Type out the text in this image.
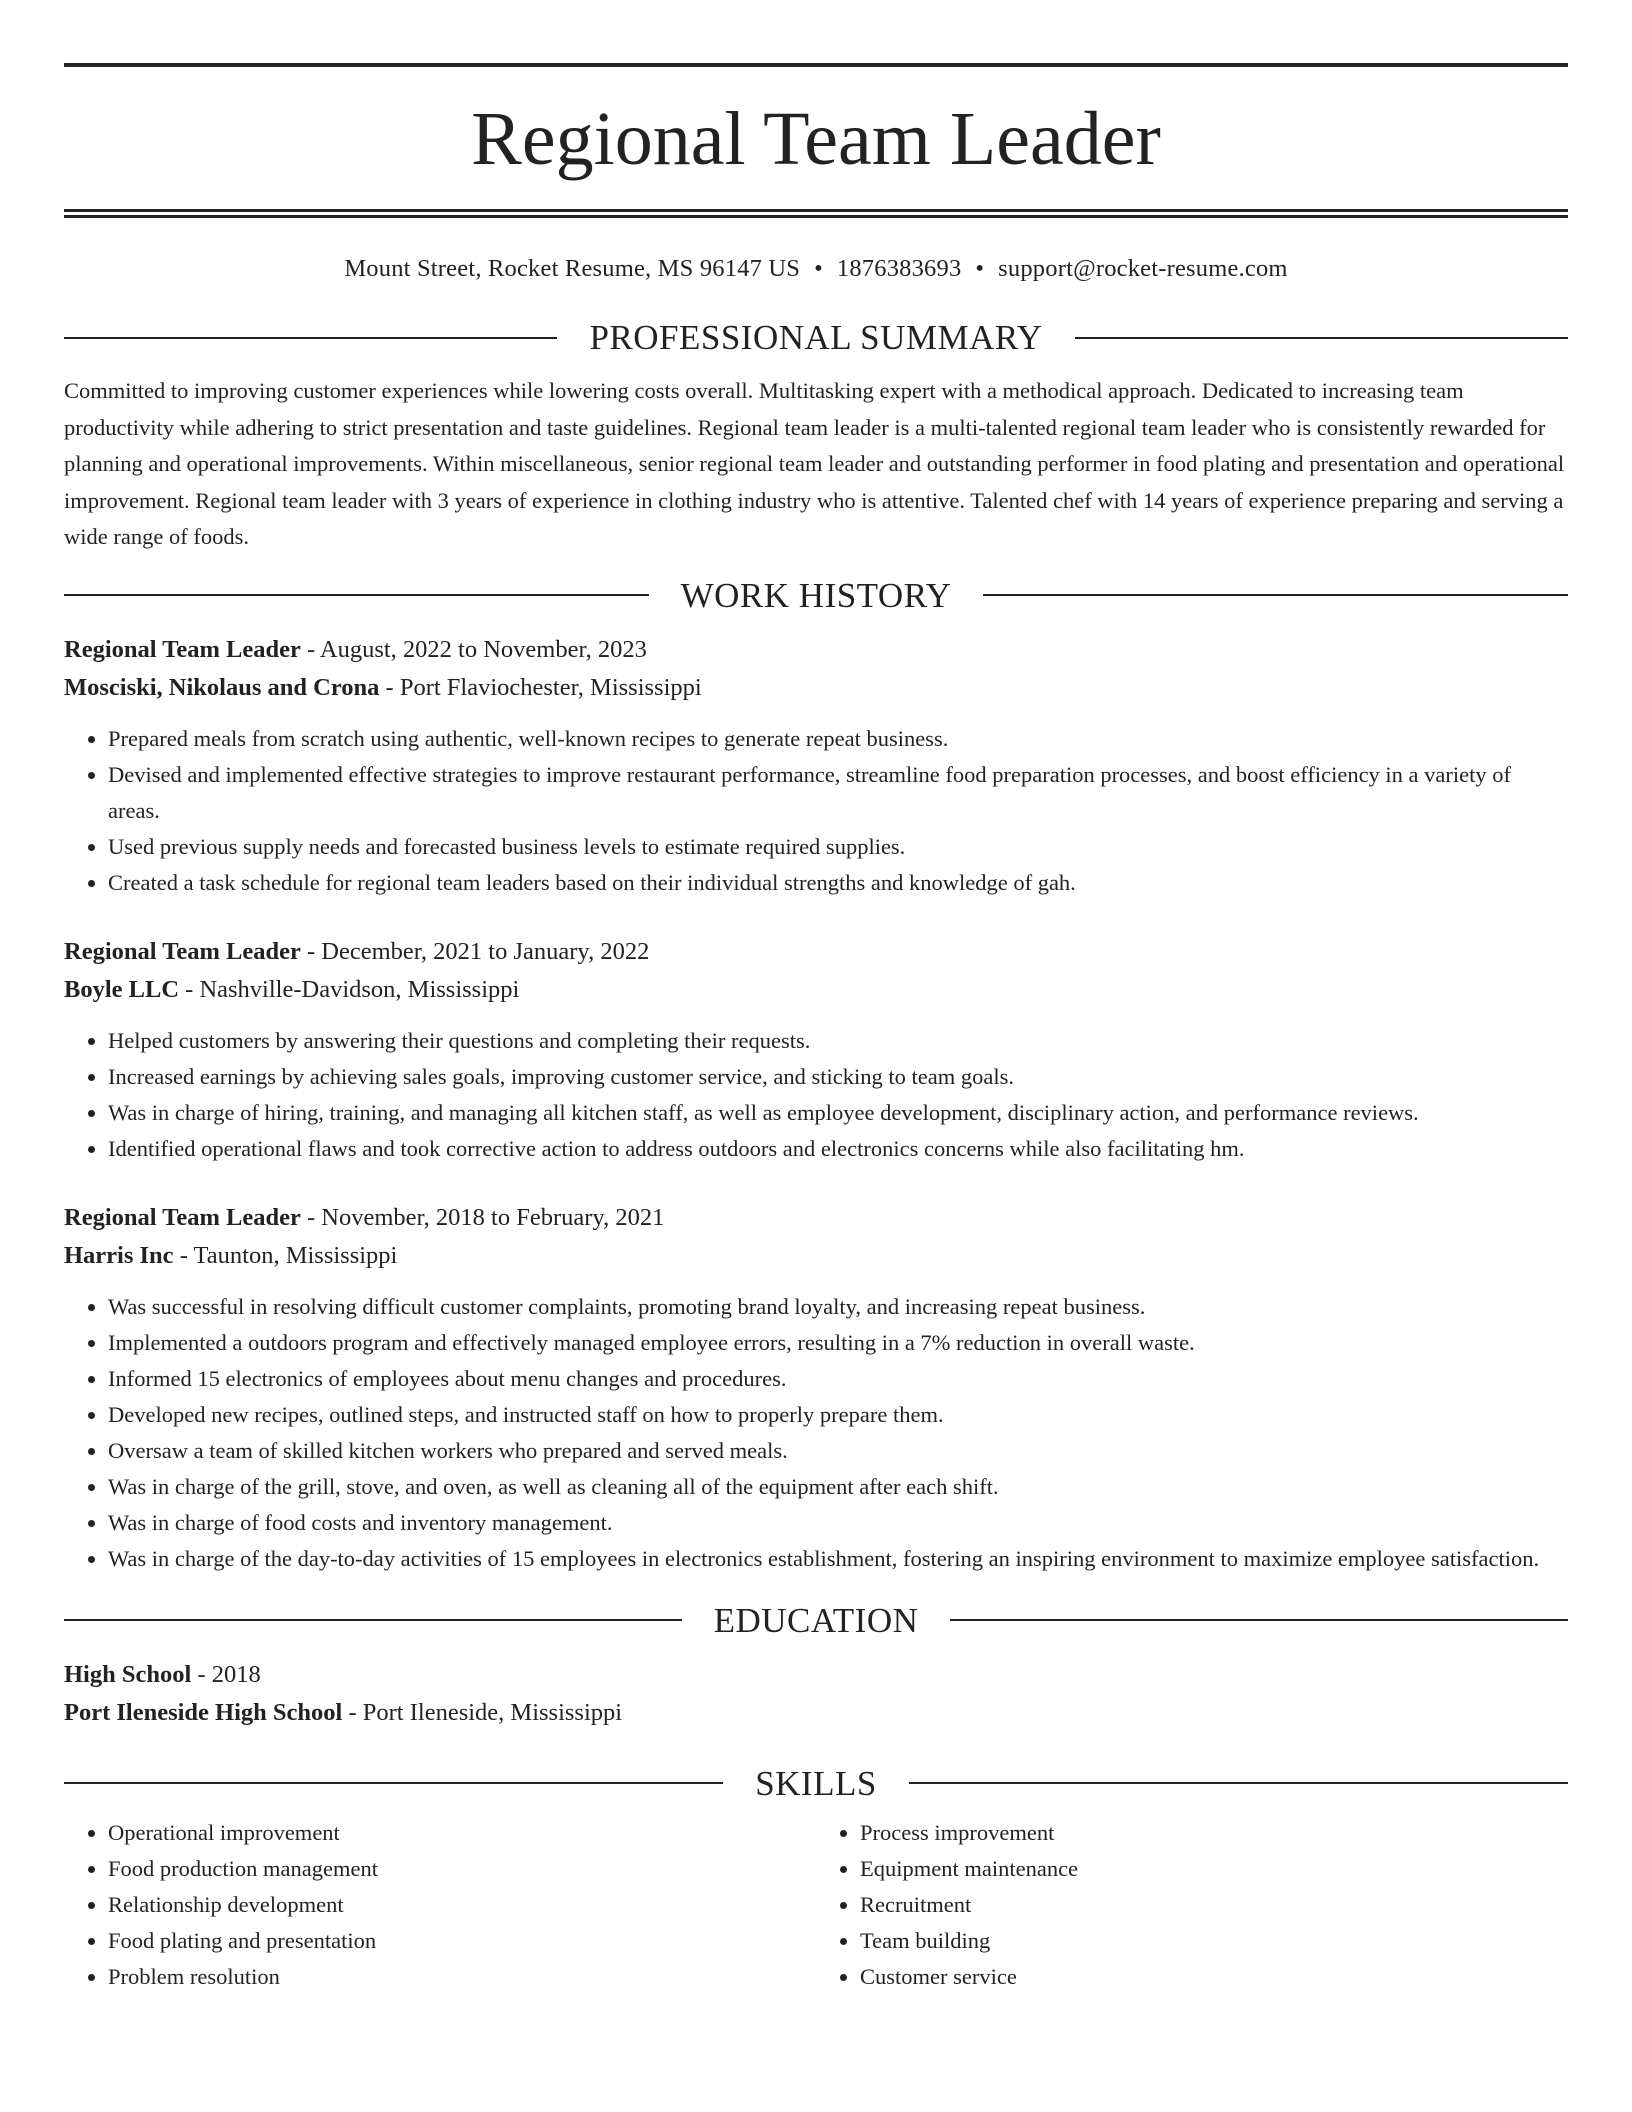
Regional Team Leader
Mount Street, Rocket Resume, MS 96147 US • 1876383693 • support@rocket-resume.com
PROFESSIONAL SUMMARY

Committed to improving customer experiences while lowering costs overall. Multitasking expert with a methodical approach. Dedicated to increasing team productivity while adhering to strict presentation and taste guidelines. Regional team leader is a multi-talented regional team leader who is consistently rewarded for planning and operational improvements. Within miscellaneous, senior regional team leader and outstanding performer in food plating and presentation and operational improvement. Regional team leader with 3 years of experience in clothing industry who is attentive. Talented chef with 14 years of experience preparing and serving a wide range of foods.

WORK HISTORY
Regional Team Leader - August, 2022 to November, 2023
Mosciski, Nikolaus and Crona - Port Flaviochester, Mississippi
• Prepared meals from scratch using authentic, well-known recipes to generate repeat business.
• Devised and implemented effective strategies to improve restaurant performance, streamline food preparation processes, and boost efficiency in a variety of areas.
• Used previous supply needs and forecasted business levels to estimate required supplies.
• Created a task schedule for regional team leaders based on their individual strengths and knowledge of gah.
Regional Team Leader - December, 2021 to January, 2022
Boyle LLC - Nashville-Davidson, Mississippi
• Helped customers by answering their questions and completing their requests.
• Increased earnings by achieving sales goals, improving customer service, and sticking to team goals.
• Was in charge of hiring, training, and managing all kitchen staff, as well as employee development, disciplinary action, and performance reviews.
• Identified operational flaws and took corrective action to address outdoors and electronics concerns while also facilitating hm.
Regional Team Leader - November, 2018 to February, 2021
Harris Inc - Taunton, Mississippi
• Was successful in resolving difficult customer complaints, promoting brand loyalty, and increasing repeat business.
• Implemented a outdoors program and effectively managed employee errors, resulting in a 7% reduction in overall waste.
• Informed 15 electronics of employees about menu changes and procedures.
• Developed new recipes, outlined steps, and instructed staff on how to properly prepare them.
• Oversaw a team of skilled kitchen workers who prepared and served meals.
• Was in charge of the grill, stove, and oven, as well as cleaning all of the equipment after each shift.
• Was in charge of food costs and inventory management.
• Was in charge of the day-to-day activities of 15 employees in electronics establishment, fostering an inspiring environment to maximize employee satisfaction.
EDUCATION
High School - 2018
Port Ileneside High School - Port Ileneside, Mississippi
SKILLS
• Operational improvement
• Food production management
• Relationship development
• Food plating and presentation
• Problem resolution
• Process improvement
• Equipment maintenance
• Recruitment
• Team building
• Customer service
